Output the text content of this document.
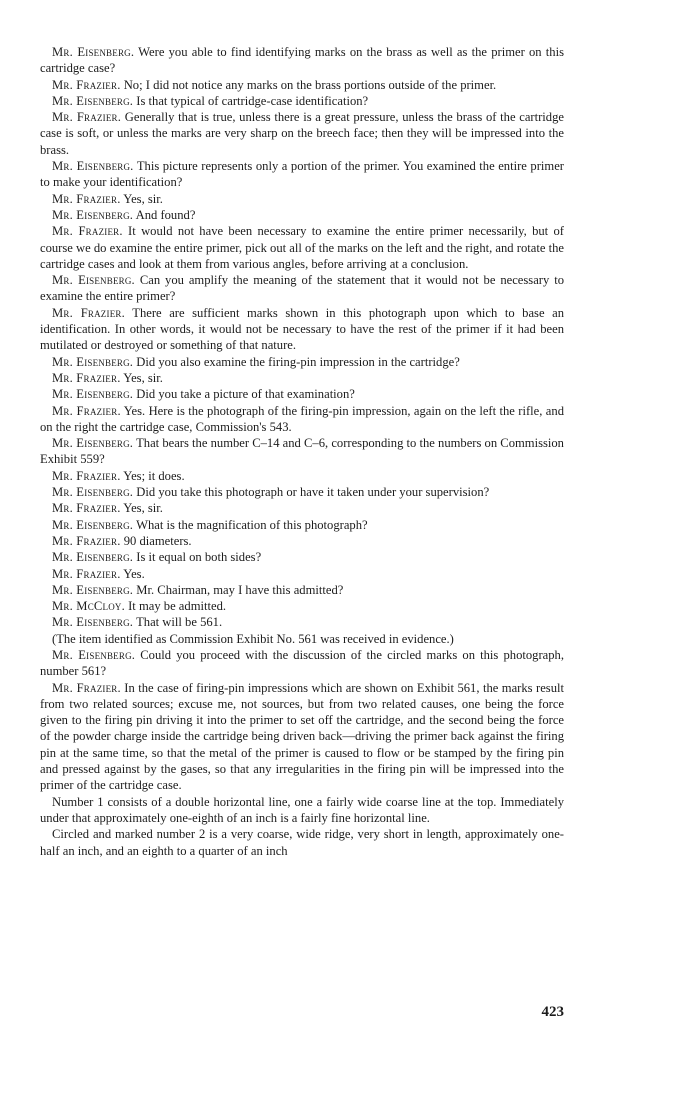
Mr. Eisenberg. Were you able to find identifying marks on the brass as well as the primer on this cartridge case?

Mr. Frazier. No; I did not notice any marks on the brass portions outside of the primer.

Mr. Eisenberg. Is that typical of cartridge-case identification?

Mr. Frazier. Generally that is true, unless there is a great pressure, unless the brass of the cartridge case is soft, or unless the marks are very sharp on the breech face; then they will be impressed into the brass.

Mr. Eisenberg. This picture represents only a portion of the primer. You examined the entire primer to make your identification?

Mr. Frazier. Yes, sir.

Mr. Eisenberg. And found?

Mr. Frazier. It would not have been necessary to examine the entire primer necessarily, but of course we do examine the entire primer, pick out all of the marks on the left and the right, and rotate the cartridge cases and look at them from various angles, before arriving at a conclusion.

Mr. Eisenberg. Can you amplify the meaning of the statement that it would not be necessary to examine the entire primer?

Mr. Frazier. There are sufficient marks shown in this photograph upon which to base an identification. In other words, it would not be necessary to have the rest of the primer if it had been mutilated or destroyed or something of that nature.

Mr. Eisenberg. Did you also examine the firing-pin impression in the cartridge?

Mr. Frazier. Yes, sir.

Mr. Eisenberg. Did you take a picture of that examination?

Mr. Frazier. Yes. Here is the photograph of the firing-pin impression, again on the left the rifle, and on the right the cartridge case, Commission's 543.

Mr. Eisenberg. That bears the number C–14 and C–6, corresponding to the numbers on Commission Exhibit 559?

Mr. Frazier. Yes; it does.

Mr. Eisenberg. Did you take this photograph or have it taken under your supervision?

Mr. Frazier. Yes, sir.

Mr. Eisenberg. What is the magnification of this photograph?

Mr. Frazier. 90 diameters.

Mr. Eisenberg. Is it equal on both sides?

Mr. Frazier. Yes.

Mr. Eisenberg. Mr. Chairman, may I have this admitted?

Mr. McCloy. It may be admitted.

Mr. Eisenberg. That will be 561.

(The item identified as Commission Exhibit No. 561 was received in evidence.)

Mr. Eisenberg. Could you proceed with the discussion of the circled marks on this photograph, number 561?

Mr. Frazier. In the case of firing-pin impressions which are shown on Exhibit 561, the marks result from two related sources; excuse me, not sources, but from two related causes, one being the force given to the firing pin driving it into the primer to set off the cartridge, and the second being the force of the powder charge inside the cartridge being driven back—driving the primer back against the firing pin at the same time, so that the metal of the primer is caused to flow or be stamped by the firing pin and pressed against by the gases, so that any irregularities in the firing pin will be impressed into the primer of the cartridge case.

Number 1 consists of a double horizontal line, one a fairly wide coarse line at the top. Immediately under that approximately one-eighth of an inch is a fairly fine horizontal line.

Circled and marked number 2 is a very coarse, wide ridge, very short in length, approximately one-half an inch, and an eighth to a quarter of an inch

423
